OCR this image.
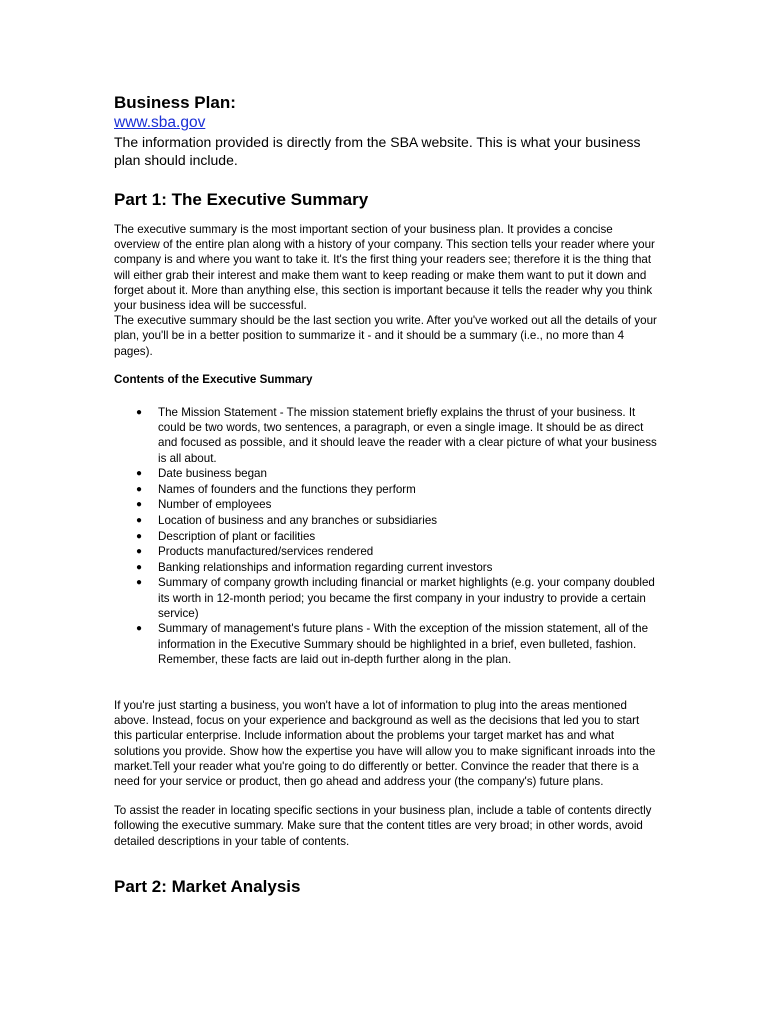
Business Plan:
www.sba.gov

The information provided is directly from the SBA website. This is what your business plan should include.

Part 1: The Executive Summary

The executive summary is the most important section of your business plan. It provides a concise overview of the entire plan along with a history of your company. This section tells your reader where your company is and where you want to take it. It's the first thing your readers see; therefore it is the thing that will either grab their interest and make them want to keep reading or make them want to put it down and forget about it. More than anything else, this section is important because it tells the reader why you think your business idea will be successful.

The executive summary should be the last section you write. After you've worked out all the details of your plan, you'll be in a better position to summarize it - and it should be a summary (i.e., no more than 4 pages).

Contents of the Executive Summary

● The Mission Statement - The mission statement briefly explains the thrust of your business. It could be two words, two sentences, a paragraph, or even a single image. It should be as direct and focused as possible, and it should leave the reader with a clear picture of what your business is all about.
● Date business began
● Names of founders and the functions they perform
● Number of employees
● Location of business and any branches or subsidiaries
● Description of plant or facilities
● Products manufactured/services rendered
● Banking relationships and information regarding current investors
● Summary of company growth including financial or market highlights (e.g. your company doubled its worth in 12-month period; you became the first company in your industry to provide a certain service)
● Summary of management's future plans - With the exception of the mission statement, all of the information in the Executive Summary should be highlighted in a brief, even bulleted, fashion. Remember, these facts are laid out in-depth further along in the plan.

If you're just starting a business, you won't have a lot of information to plug into the areas mentioned above. Instead, focus on your experience and background as well as the decisions that led you to start this particular enterprise. Include information about the problems your target market has and what solutions you provide. Show how the expertise you have will allow you to make significant inroads into the market.Tell your reader what you're going to do differently or better. Convince the reader that there is a need for your service or product, then go ahead and address your (the company's) future plans.

To assist the reader in locating specific sections in your business plan, include a table of contents directly following the executive summary. Make sure that the content titles are very broad; in other words, avoid detailed descriptions in your table of contents.

Part 2: Market Analysis
